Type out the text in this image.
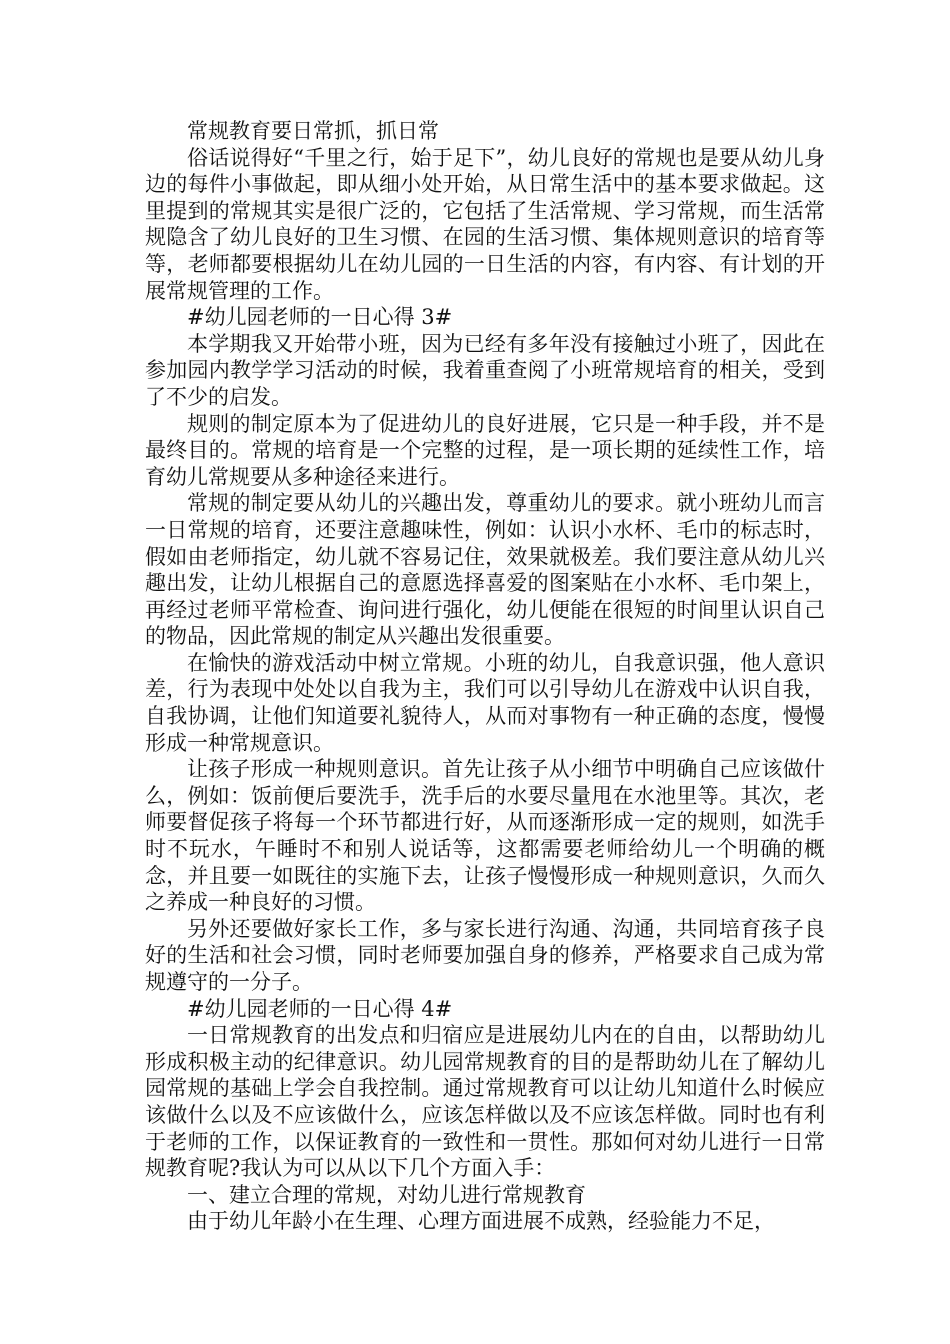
常规教育要日常抓，抓日常

俗话说得好“千里之行，始于足下”，幼儿良好的常规也是要从幼儿身边的每件小事做起，即从细小处开始，从日常生活中的基本要求做起。这里提到的常规其实是很广泛的，它包括了生活常规、学习常规，而生活常规隐含了幼儿良好的卫生习惯、在园的生活习惯、集体规则意识的培育等等，老师都要根据幼儿在幼儿园的一日生活的内容，有内容、有计划的开展常规管理的工作。

#幼儿园老师的一日心得 3#

本学期我又开始带小班，因为已经有多年没有接触过小班了，因此在参加园内教学学习活动的时候，我着重查阅了小班常规培育的相关，受到了不少的启发。

规则的制定原本为了促进幼儿的良好进展，它只是一种手段，并不是最终目的。常规的培育是一个完整的过程，是一项长期的延续性工作，培育幼儿常规要从多种途径来进行。

常规的制定要从幼儿的兴趣出发，尊重幼儿的要求。就小班幼儿而言一日常规的培育，还要注意趣味性，例如：认识小水杯、毛巾的标志时，假如由老师指定，幼儿就不容易记住，效果就极差。我们要注意从幼儿兴趣出发，让幼儿根据自己的意愿选择喜爱的图案贴在小水杯、毛巾架上，再经过老师平常检查、询问进行强化，幼儿便能在很短的时间里认识自己的物品，因此常规的制定从兴趣出发很重要。

在愉快的游戏活动中树立常规。小班的幼儿，自我意识强，他人意识差，行为表现中处处以自我为主，我们可以引导幼儿在游戏中认识自我，自我协调，让他们知道要礼貌待人，从而对事物有一种正确的态度，慢慢形成一种常规意识。

让孩子形成一种规则意识。首先让孩子从小细节中明确自己应该做什么，例如：饭前便后要洗手，洗手后的水要尽量甩在水池里等。其次，老师要督促孩子将每一个环节都进行好，从而逐渐形成一定的规则，如洗手时不玩水，午睡时不和别人说话等，这都需要老师给幼儿一个明确的概念，并且要一如既往的实施下去，让孩子慢慢形成一种规则意识，久而久之养成一种良好的习惯。

另外还要做好家长工作，多与家长进行沟通、沟通，共同培育孩子良好的生活和社会习惯，同时老师要加强自身的修养，严格要求自己成为常规遵守的一分子。

#幼儿园老师的一日心得 4#

一日常规教育的出发点和归宿应是进展幼儿内在的自由，以帮助幼儿形成积极主动的纪律意识。幼儿园常规教育的目的是帮助幼儿在了解幼儿园常规的基础上学会自我控制。通过常规教育可以让幼儿知道什么时候应该做什么以及不应该做什么，应该怎样做以及不应该怎样做。同时也有利于老师的工作，以保证教育的一致性和一贯性。那如何对幼儿进行一日常规教育呢?我认为可以从以下几个方面入手：

一、建立合理的常规，对幼儿进行常规教育

由于幼儿年龄小在生理、心理方面进展不成熟，经验能力不足，
